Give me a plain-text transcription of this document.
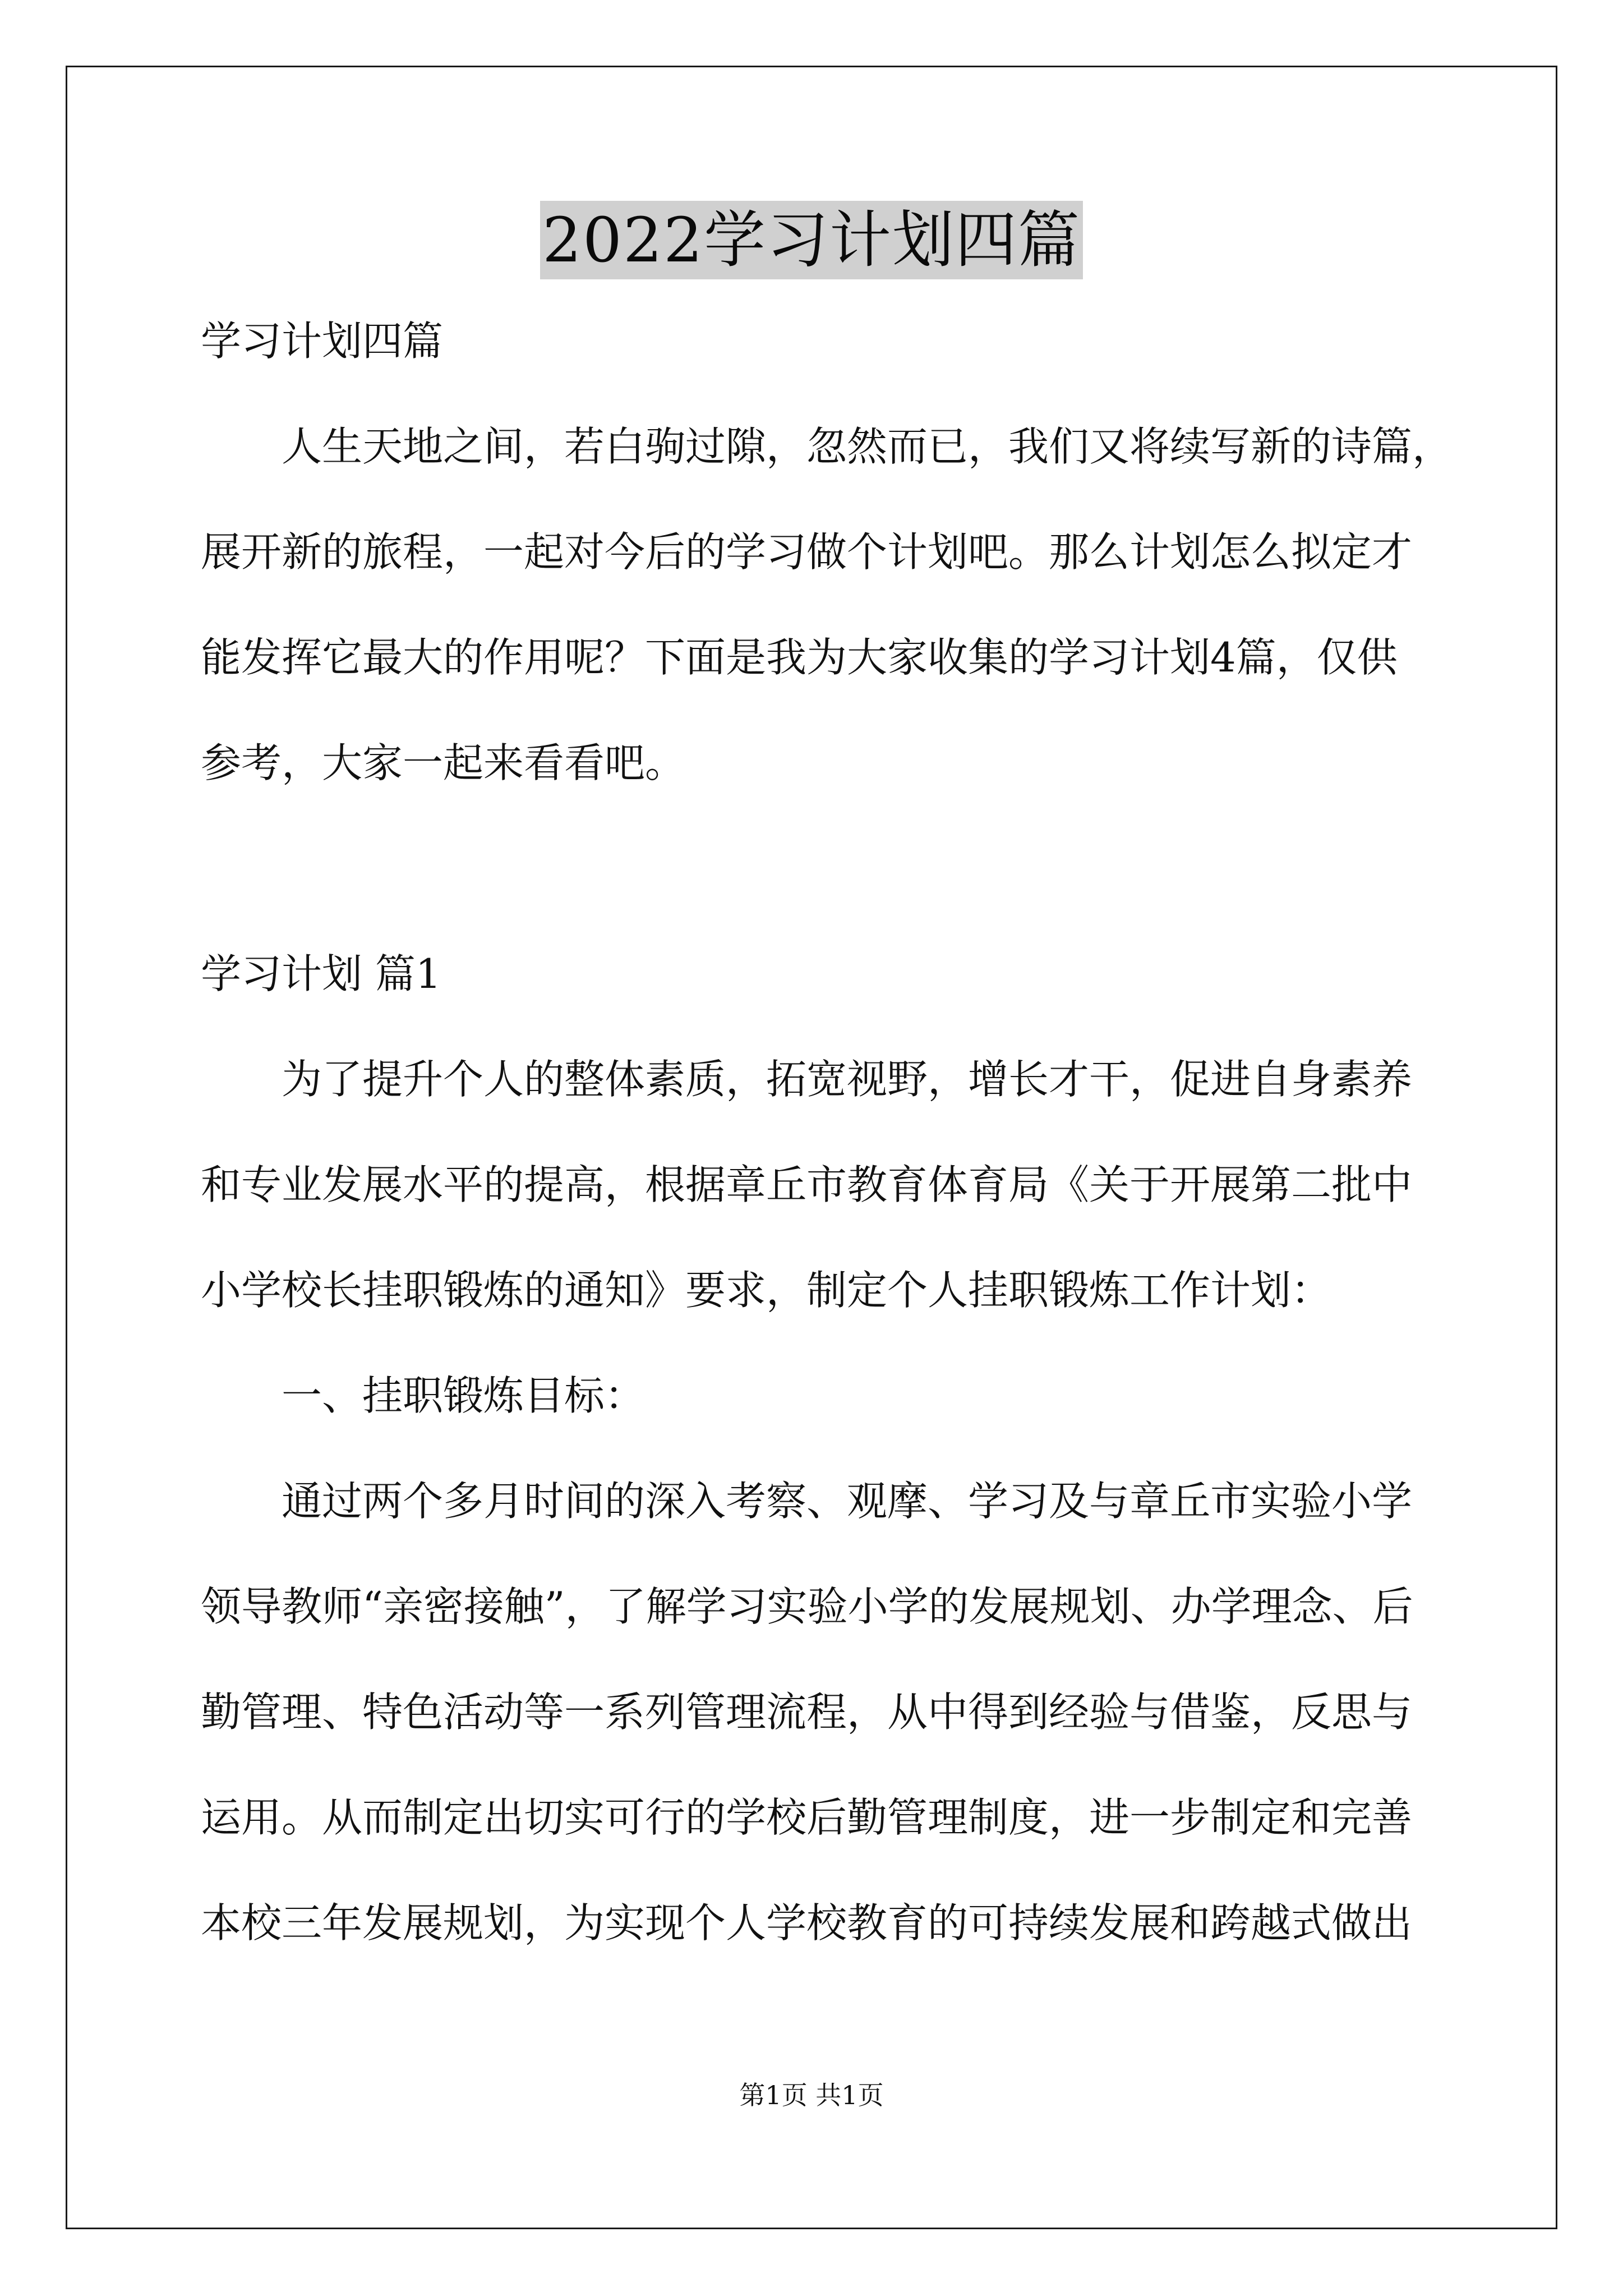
2022学习计划四篇
学习计划四篇
人生天地之间，若白驹过隙，忽然而已，我们又将续写新的诗篇，
展开新的旅程，一起对今后的学习做个计划吧。那么计划怎么拟定才
能发挥它最大的作用呢？下面是我为大家收集的学习计划4篇，仅供
参考，大家一起来看看吧。
学习计划 篇1
为了提升个人的整体素质，拓宽视野，增长才干，促进自身素养
和专业发展水平的提高，根据章丘市教育体育局《关于开展第二批中
小学校长挂职锻炼的通知》要求，制定个人挂职锻炼工作计划：
一、挂职锻炼目标：
通过两个多月时间的深入考察、观摩、学习及与章丘市实验小学
领导教师“亲密接触”，了解学习实验小学的发展规划、办学理念、后
勤管理、特色活动等一系列管理流程，从中得到经验与借鉴，反思与
运用。从而制定出切实可行的学校后勤管理制度，进一步制定和完善
本校三年发展规划，为实现个人学校教育的可持续发展和跨越式做出
第1页 共1页
